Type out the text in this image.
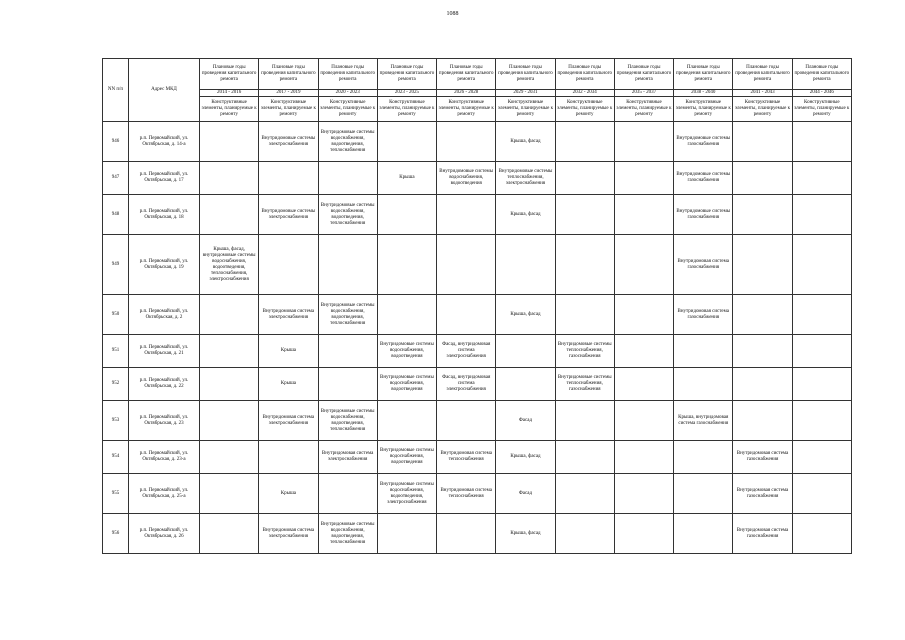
1088
NN п/п	Адрес МКД	Плановые годы проведения капитального ремонта	Плановые годы проведения капитального ремонта	Плановые годы проведения капитального ремонта	Плановые годы проведения капитального ремонта	Плановые годы проведения капитального ремонта	Плановые годы проведения капитального ремонта	Плановые годы проведения капитального ремонта	Плановые годы проведения капитального ремонта	Плановые годы проведения капитального ремонта	Плановые годы проведения капитального ремонта	Плановые годы проведения капитального ремонта
		2014 - 2016	2017 - 2019	2020 - 2023	2023 - 2025	2026 - 2028	2029 - 2031	2032 - 2034	2035 - 2037	2038 - 2040	2041 - 2043	2044 - 2046
		Конструктивные элементы, планируемые к ремонту	Конструктивные элементы, планируемые к ремонту	Конструктивные элементы, планируемые к ремонту	Конструктивные элементы, планируемые к ремонту	Конструктивные элементы, планируемые к ремонту	Конструктивные элементы, планируемые к ремонту	Конструктивные элементы, планируемые к ремонту	Конструктивные элементы, планируемые к ремонту	Конструктивные элементы, планируемые к ремонту	Конструктивные элементы, планируемые к ремонту	Конструктивные элементы, планируемые к ремонту
946	р.п. Первомайский, ул. Октябрьская, д. 14-а		Внутридомовые системы электроснабжения	Внутридомовые системы водоснабжения, водоотведения, теплоснабжения			Крыша, фасад			Внутридомовые системы газоснабжения		
947	р.п. Первомайский, ул. Октябрьская, д. 17				Крыша	Внутридомовые системы водоснабжения, водоотведения	Внутридомовые системы теплоснабжения, электроснабжения			Внутридомовые системы газоснабжения		
948	р.п. Первомайский, ул. Октябрьская, д. 18		Внутридомовые системы электроснабжения	Внутридомовые системы водоснабжения, водоотведения, теплоснабжения			Крыша, фасад			Внутридомовые системы газоснабжения		
949	р.п. Первомайский, ул. Октябрьская, д. 19	Крыша, фасад, внутридомовые системы водоснабжения, водоотведения, теплоснабжения, электроснабжения								Внутридомовая система газоснабжения		
950	р.п. Первомайский, ул. Октябрьская, д. 2		Внутридомовая система электроснабжения	Внутридомовые системы водоснабжения, водоотведения, теплоснабжения			Крыша, фасад			Внутридомовая система газоснабжения		
951	р.п. Первомайский, ул. Октябрьская, д. 21		Крыша		Внутридомовые системы водоснабжения, водоотведения	Фасад, внутридомовая система электроснабжения		Внутридомовые системы теплоснабжения, газоснабжения				
952	р.п. Первомайский, ул. Октябрьская, д. 22		Крыша		Внутридомовые системы водоснабжения, водоотведения	Фасад, внутридомовая система электроснабжения		Внутридомовые системы теплоснабжения, газоснабжения				
953	р.п. Первомайский, ул. Октябрьская, д. 23		Внутридомовая система электроснабжения	Внутридомовые системы водоснабжения, водоотведения, теплоснабжения			Фасад			Крыша, внутридомовая система газоснабжения		
954	р.п. Первомайский, ул. Октябрьская, д. 23-а			Внутридомовая система электроснабжения	Внутридомовые системы водоснабжения, водоотведения	Внутридомовая система теплоснабжения	Крыша, фасад				Внутридомовая система газоснабжения	
955	р.п. Первомайский, ул. Октябрьская, д. 25-а		Крыша		Внутридомовые системы водоснабжения, водоотведения, электроснабжения	Внутридомовая система теплоснабжения	Фасад				Внутридомовая система газоснабжения	
956	р.п. Первомайский, ул. Октябрьская, д. 26		Внутридомовая система электроснабжения	Внутридомовые системы водоснабжения, водоотведения, теплоснабжения			Крыша, фасад				Внутридомовая система газоснабжения	
